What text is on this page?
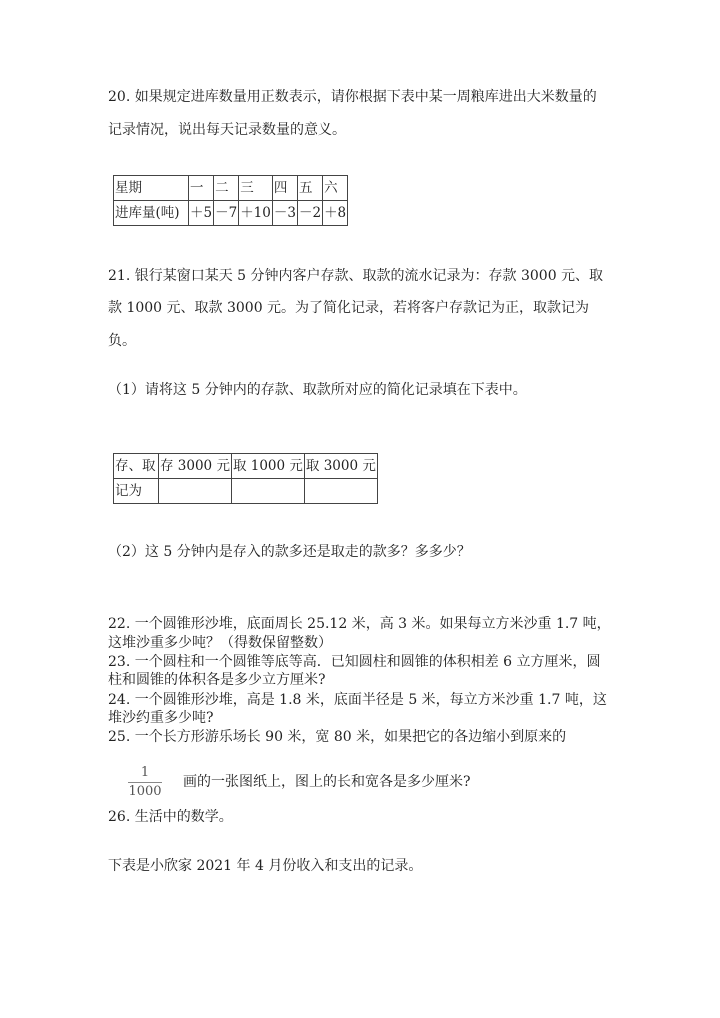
20. 如果规定进库数量用正数表示，请你根据下表中某一周粮库进出大米数量的
记录情况，说出每天记录数量的意义。
星期	一	二	三	四	五	六
进库量(吨)	＋5	－7	＋10	－3	－2	＋8
21. 银行某窗口某天 5 分钟内客户存款、取款的流水记录为：存款 3000 元、取
款 1000 元、取款 3000 元。为了简化记录，若将客户存款记为正，取款记为
负。
（1）请将这 5 分钟内的存款、取款所对应的简化记录填在下表中。
存、取	存 3000 元	取 1000 元	取 3000 元
记为			
（2）这 5 分钟内是存入的款多还是取走的款多？多多少？
22. 一个圆锥形沙堆，底面周长 25.12 米，高 3 米。如果每立方米沙重 1.7 吨，
这堆沙重多少吨？（得数保留整数）
23. 一个圆柱和一个圆锥等底等高．已知圆柱和圆锥的体积相差 6 立方厘米，圆
柱和圆锥的体积各是多少立方厘米?
24. 一个圆锥形沙堆，高是 1.8 米，底面半径是 5 米，每立方米沙重 1.7 吨，这
堆沙约重多少吨?
25. 一个长方形游乐场长 90 米，宽 80 米，如果把它的各边缩小到原来的
1
1000
画的一张图纸上，图上的长和宽各是多少厘米?
26. 生活中的数学。
下表是小欣家 2021 年 4 月份收入和支出的记录。
